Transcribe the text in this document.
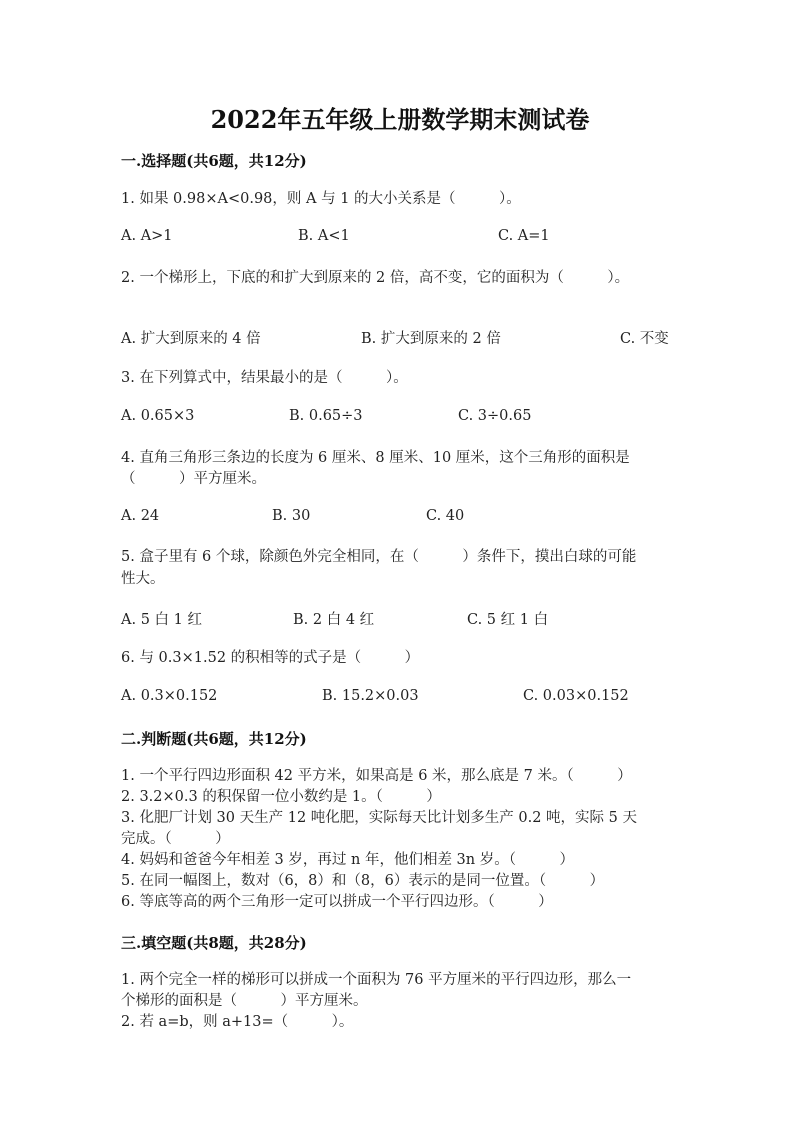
2022年五年级上册数学期末测试卷
一.选择题(共6题，共12分)
1. 如果 0.98×A<0.98，则 A 与 1 的大小关系是（　　　）。
A. A>1	B. A<1	C. A=1
2. 一个梯形上，下底的和扩大到原来的 2 倍，高不变，它的面积为（　　　）。
A. 扩大到原来的 4 倍	B. 扩大到原来的 2 倍	C. 不变
3. 在下列算式中，结果最小的是（　　　）。
A. 0.65×3	B. 0.65÷3	C. 3÷0.65
4. 直角三角形三条边的长度为 6 厘米、8 厘米、10 厘米，这个三角形的面积是
（　　　）平方厘米。
A. 24	B. 30	C. 40
5. 盒子里有 6 个球，除颜色外完全相同，在（　　　）条件下，摸出白球的可能
性大。
A. 5 白 1 红	B. 2 白 4 红	C. 5 红 1 白
6. 与 0.3×1.52 的积相等的式子是（　　　）
A. 0.3×0.152	B. 15.2×0.03	C. 0.03×0.152
二.判断题(共6题，共12分)
1. 一个平行四边形面积 42 平方米，如果高是 6 米，那么底是 7 米。（　　　）
2. 3.2×0.3 的积保留一位小数约是 1。（　　　）
3. 化肥厂计划 30 天生产 12 吨化肥，实际每天比计划多生产 0.2 吨，实际 5 天
完成。（　　　）
4. 妈妈和爸爸今年相差 3 岁，再过 n 年，他们相差 3n 岁。（　　　）
5. 在同一幅图上，数对（6，8）和（8，6）表示的是同一位置。（　　　）
6. 等底等高的两个三角形一定可以拼成一个平行四边形。（　　　）
三.填空题(共8题，共28分)
1. 两个完全一样的梯形可以拼成一个面积为 76 平方厘米的平行四边形，那么一
个梯形的面积是（　　　）平方厘米。
2. 若 a=b，则 a+13=（　　　）。
